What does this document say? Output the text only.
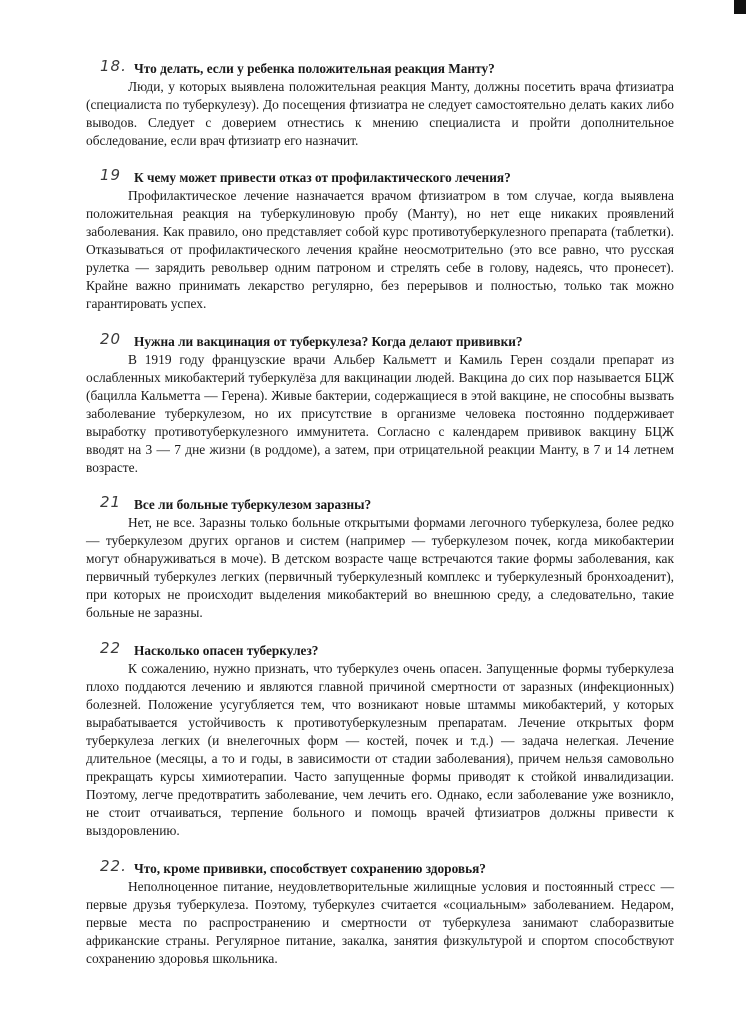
18. Что делать, если у ребенка положительная реакция Манту?

Люди, у которых выявлена положительная реакция Манту, должны посетить врача фтизиатра (специалиста по туберкулезу). До посещения фтизиатра не следует самостоятельно делать каких либо выводов. Следует с доверием отнестись к мнению специалиста и пройти дополнительное обследование, если врач фтизиатр его назначит.

19 К чему может привести отказ от профилактического лечения?

Профилактическое лечение назначается врачом фтизиатром в том случае, когда выявлена положительная реакция на туберкулиновую пробу (Манту), но нет еще никаких проявлений заболевания. Как правило, оно представляет собой курс противотуберкулезного препарата (таблетки). Отказываться от профилактического лечения крайне неосмотрительно (это все равно, что русская рулетка — зарядить револьвер одним патроном и стрелять себе в голову, надеясь, что пронесет). Крайне важно принимать лекарство регулярно, без перерывов и полностью, только так можно гарантировать успех.

20 Нужна ли вакцинация от туберкулеза? Когда делают прививки?

В 1919 году французские врачи Альбер Кальметт и Камиль Герен создали препарат из ослабленных микобактерий туберкулёза для вакцинации людей. Вакцина до сих пор называется БЦЖ (бацилла Кальметта — Герена). Живые бактерии, содержащиеся в этой вакцине, не способны вызвать заболевание туберкулезом, но их присутствие в организме человека постоянно поддерживает выработку противотуберкулезного иммунитета. Согласно с календарем прививок вакцину БЦЖ вводят на 3 — 7 дне жизни (в роддоме), а затем, при отрицательной реакции Манту, в 7 и 14 летнем возрасте.

21 Все ли больные туберкулезом заразны?

Нет, не все. Заразны только больные открытыми формами легочного туберкулеза, более редко — туберкулезом других органов и систем (например — туберкулезом почек, когда микобактерии могут обнаруживаться в моче). В детском возрасте чаще встречаются такие формы заболевания, как первичный туберкулез легких (первичный туберкулезный комплекс и туберкулезный бронхоаденит), при которых не происходит выделения микобактерий во внешнюю среду, а следовательно, такие больные не заразны.

22 Насколько опасен туберкулез?

К сожалению, нужно признать, что туберкулез очень опасен. Запущенные формы туберкулеза плохо поддаются лечению и являются главной причиной смертности от заразных (инфекционных) болезней. Положение усугубляется тем, что возникают новые штаммы микобактерий, у которых вырабатывается устойчивость к противотуберкулезным препаратам. Лечение открытых форм туберкулеза легких (и внелегочных форм — костей, почек и т.д.) — задача нелегкая. Лечение длительное (месяцы, а то и годы, в зависимости от стадии заболевания), причем нельзя самовольно прекращать курсы химиотерапии. Часто запущенные формы приводят к стойкой инвалидизации. Поэтому, легче предотвратить заболевание, чем лечить его. Однако, если заболевание уже возникло, не стоит отчаиваться, терпение больного и помощь врачей фтизиатров должны привести к выздоровлению.

22. Что, кроме прививки, способствует сохранению здоровья?

Неполноценное питание, неудовлетворительные жилищные условия и постоянный стресс — первые друзья туберкулеза. Поэтому, туберкулез считается «социальным» заболеванием. Недаром, первые места по распространению и смертности от туберкулеза занимают слаборазвитые африканские страны. Регулярное питание, закалка, занятия физкультурой и спортом способствуют сохранению здоровья школьника.
